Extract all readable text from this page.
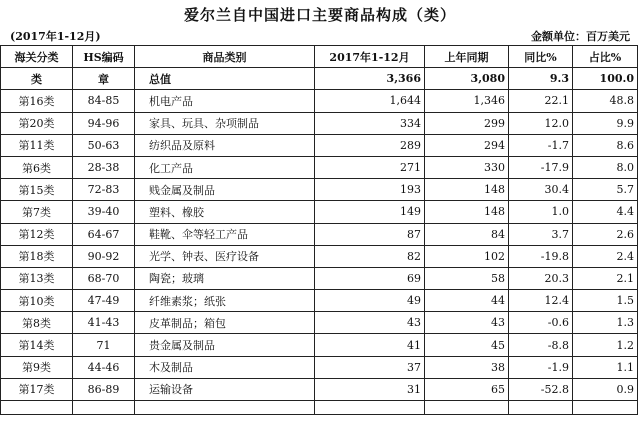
爱尔兰自中国进口主要商品构成（类）
(2017年1-12月)	金额单位：百万美元
海关分类	HS编码	商品类别	2017年1-12月	上年同期	同比%	占比%
类	章	总值	3,366	3,080	9.3	100.0
第16类	84-85	机电产品	1,644	1,346	22.1	48.8
第20类	94-96	家具、玩具、杂项制品	334	299	12.0	9.9
第11类	50-63	纺织品及原料	289	294	-1.7	8.6
第6类	28-38	化工产品	271	330	-17.9	8.0
第15类	72-83	贱金属及制品	193	148	30.4	5.7
第7类	39-40	塑料、橡胶	149	148	1.0	4.4
第12类	64-67	鞋靴、伞等轻工产品	87	84	3.7	2.6
第18类	90-92	光学、钟表、医疗设备	82	102	-19.8	2.4
第13类	68-70	陶瓷；玻璃	69	58	20.3	2.1
第10类	47-49	纤维素浆；纸张	49	44	12.4	1.5
第8类	41-43	皮革制品；箱包	43	43	-0.6	1.3
第14类	71	贵金属及制品	41	45	-8.8	1.2
第9类	44-46	木及制品	37	38	-1.9	1.1
第17类	86-89	运输设备	31	65	-52.8	0.9
